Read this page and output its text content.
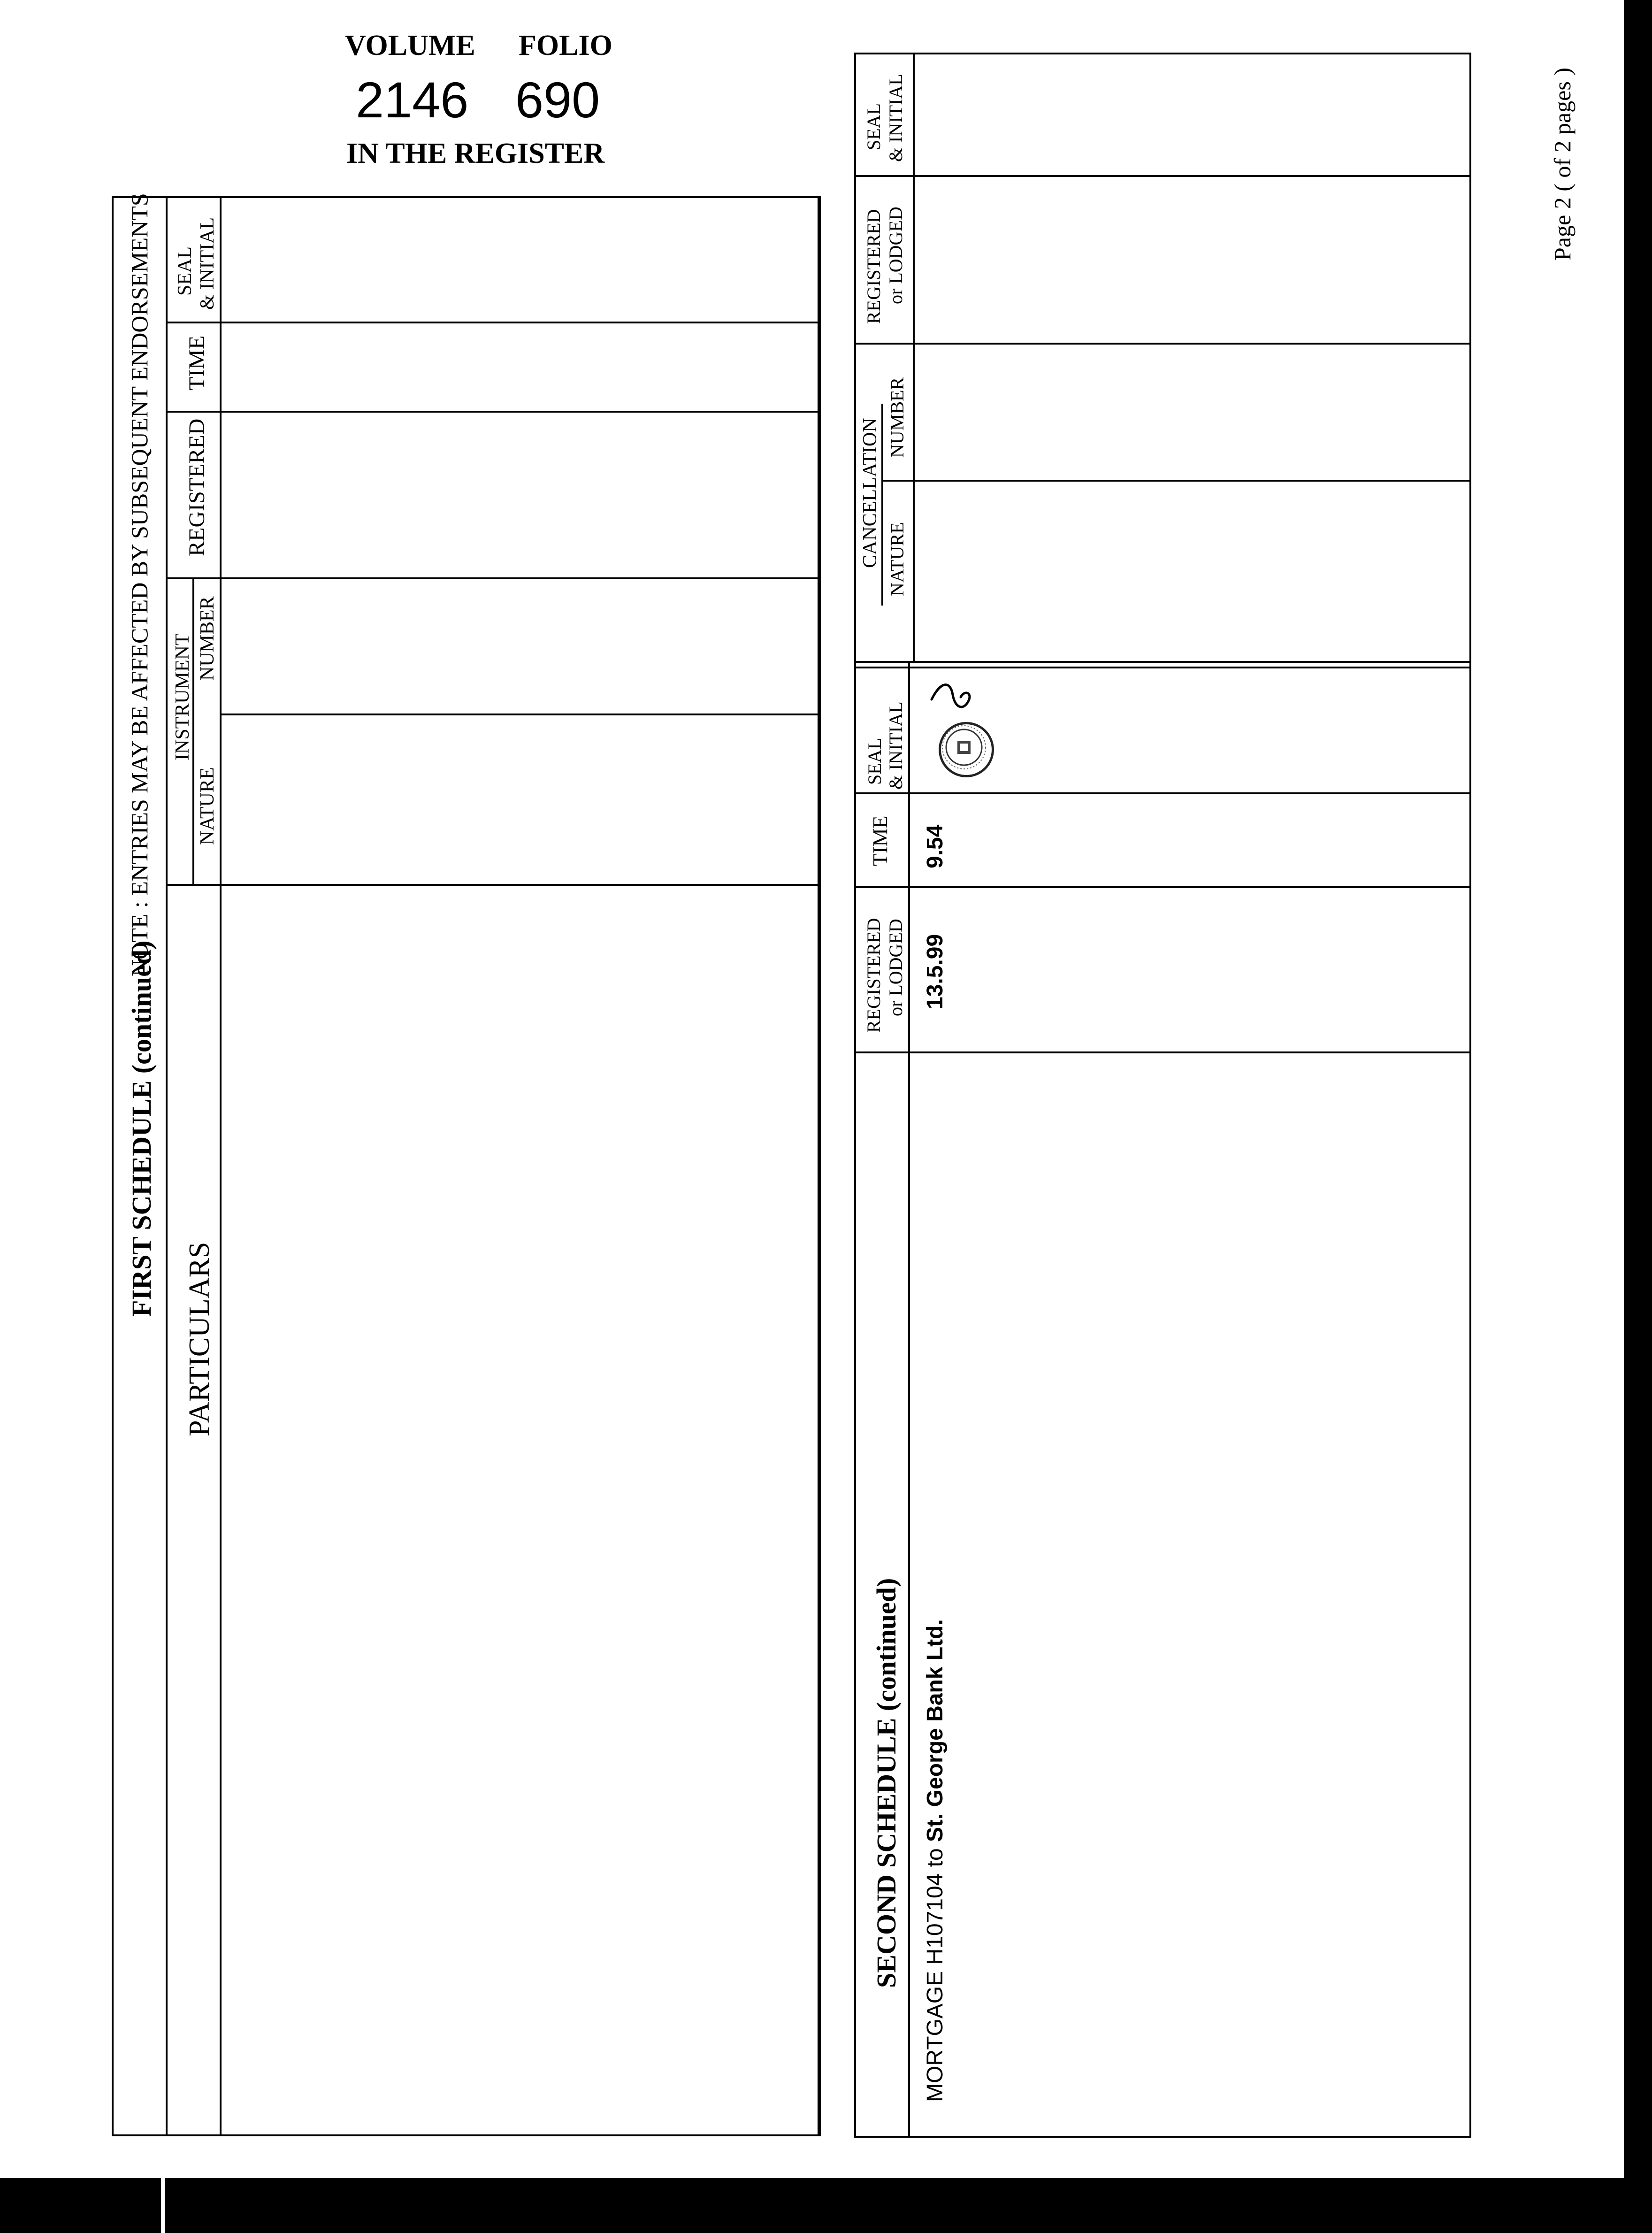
VOLUME FOLIO
2146 690
IN THE REGISTER	Page 2 ( of 2 pages )
FIRST SCHEDULE (continued)
NOTE : ENTRIES MAY BE AFFECTED BY SUBSEQUENT ENDORSEMENTS
PARTICULARS
INSTRUMENT
NATURE
NUMBER
REGISTERED
TIME
SEAL & INITIAL
SEAL & INITIAL
REGISTERED or LODGED
CANCELLATION NATURE
NUMBER
SEAL & INITIAL
TIME
REGISTERED or LODGED
SECOND SCHEDULE (continued) MORTGAGE H107104 to St. George Bank Ltd.
13.5.99
9.54
